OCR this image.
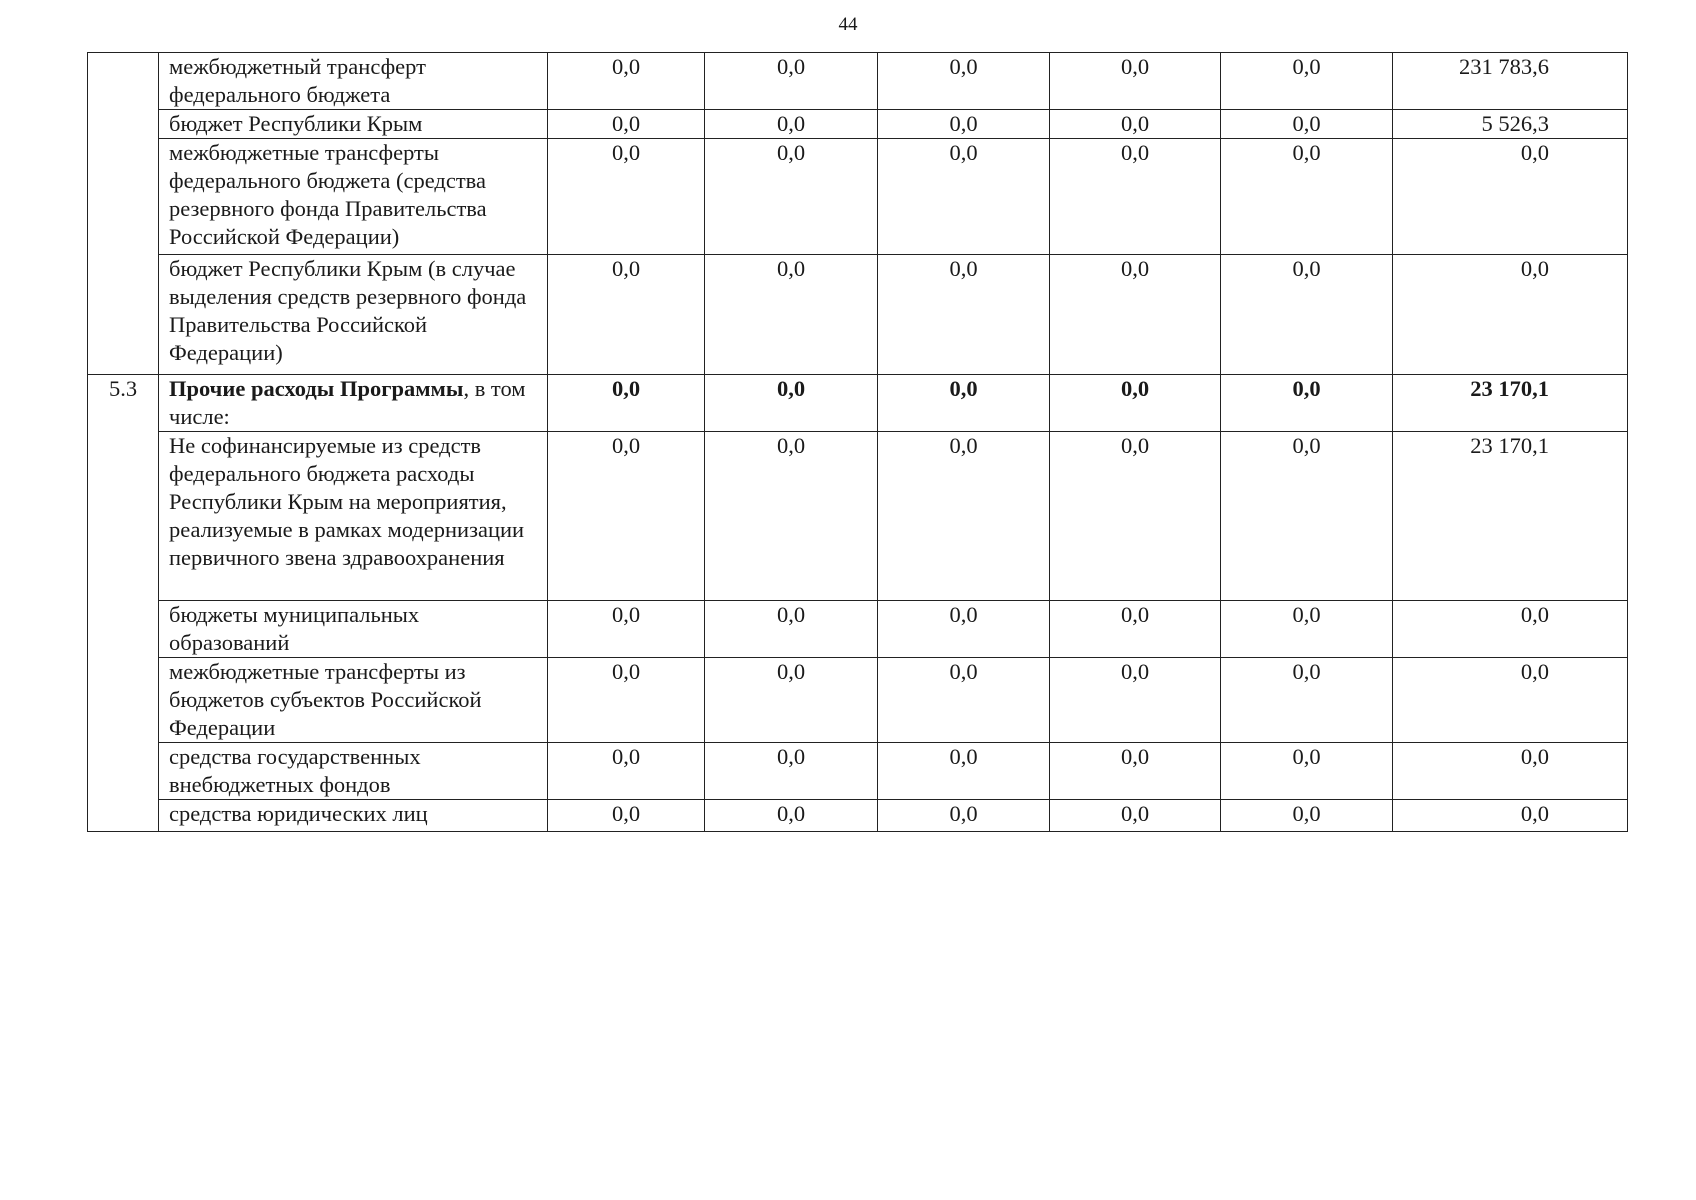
44
	межбюджетный трансферт федерального бюджета	0,0	0,0	0,0	0,0	0,0	231 783,6
	бюджет Республики Крым	0,0	0,0	0,0	0,0	0,0	5 526,3
	межбюджетные трансферты федерального бюджета (средства резервного фонда Правительства Российской Федерации)	0,0	0,0	0,0	0,0	0,0	0,0
	бюджет Республики Крым (в случае выделения средств резервного фонда Правительства Российской Федерации)	0,0	0,0	0,0	0,0	0,0	0,0
5.3	Прочие расходы Программы, в том числе:	0,0	0,0	0,0	0,0	0,0	23 170,1
	Не софинансируемые из средств федерального бюджета расходы Республики Крым на мероприятия, реализуемые в рамках модернизации первичного звена здравоохранения	0,0	0,0	0,0	0,0	0,0	23 170,1
	бюджеты муниципальных образований	0,0	0,0	0,0	0,0	0,0	0,0
	межбюджетные трансферты из бюджетов субъектов Российской Федерации	0,0	0,0	0,0	0,0	0,0	0,0
	средства государственных внебюджетных фондов	0,0	0,0	0,0	0,0	0,0	0,0
	средства юридических лиц	0,0	0,0	0,0	0,0	0,0	0,0
